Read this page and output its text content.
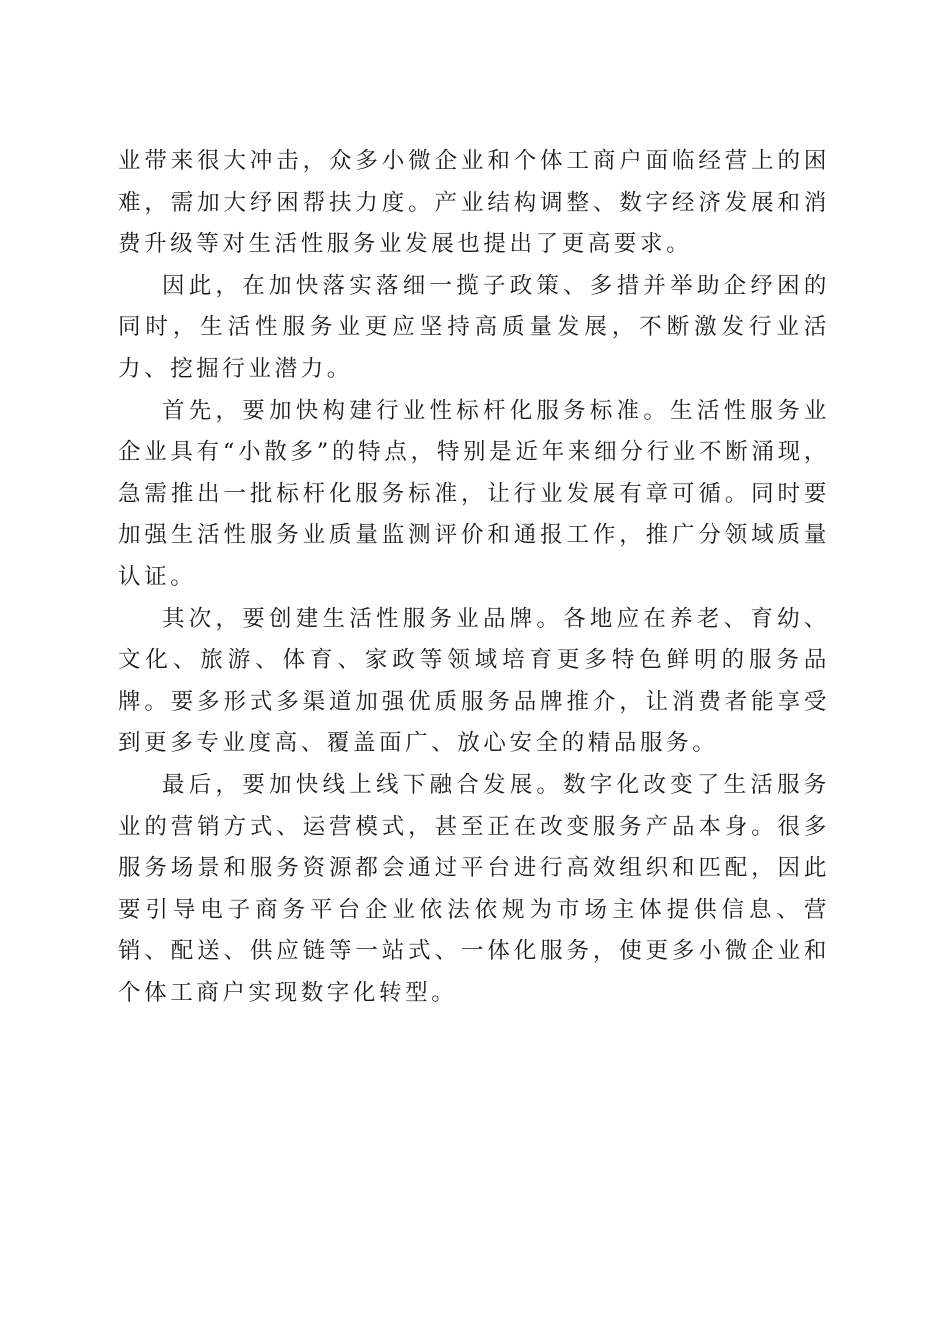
业带来很大冲击，众多小微企业和个体工商户面临经营上的困难，需加大纾困帮扶力度。产业结构调整、数字经济发展和消费升级等对生活性服务业发展也提出了更高要求。

因此，在加快落实落细一揽子政策、多措并举助企纾困的同时，生活性服务业更应坚持高质量发展，不断激发行业活力、挖掘行业潜力。

首先，要加快构建行业性标杆化服务标准。生活性服务业企业具有“小散多”的特点，特别是近年来细分行业不断涌现，急需推出一批标杆化服务标准，让行业发展有章可循。同时要加强生活性服务业质量监测评价和通报工作，推广分领域质量认证。

其次，要创建生活性服务业品牌。各地应在养老、育幼、文化、旅游、体育、家政等领域培育更多特色鲜明的服务品牌。要多形式多渠道加强优质服务品牌推介，让消费者能享受到更多专业度高、覆盖面广、放心安全的精品服务。

最后，要加快线上线下融合发展。数字化改变了生活服务业的营销方式、运营模式，甚至正在改变服务产品本身。很多服务场景和服务资源都会通过平台进行高效组织和匹配，因此要引导电子商务平台企业依法依规为市场主体提供信息、营销、配送、供应链等一站式、一体化服务，使更多小微企业和个体工商户实现数字化转型。
